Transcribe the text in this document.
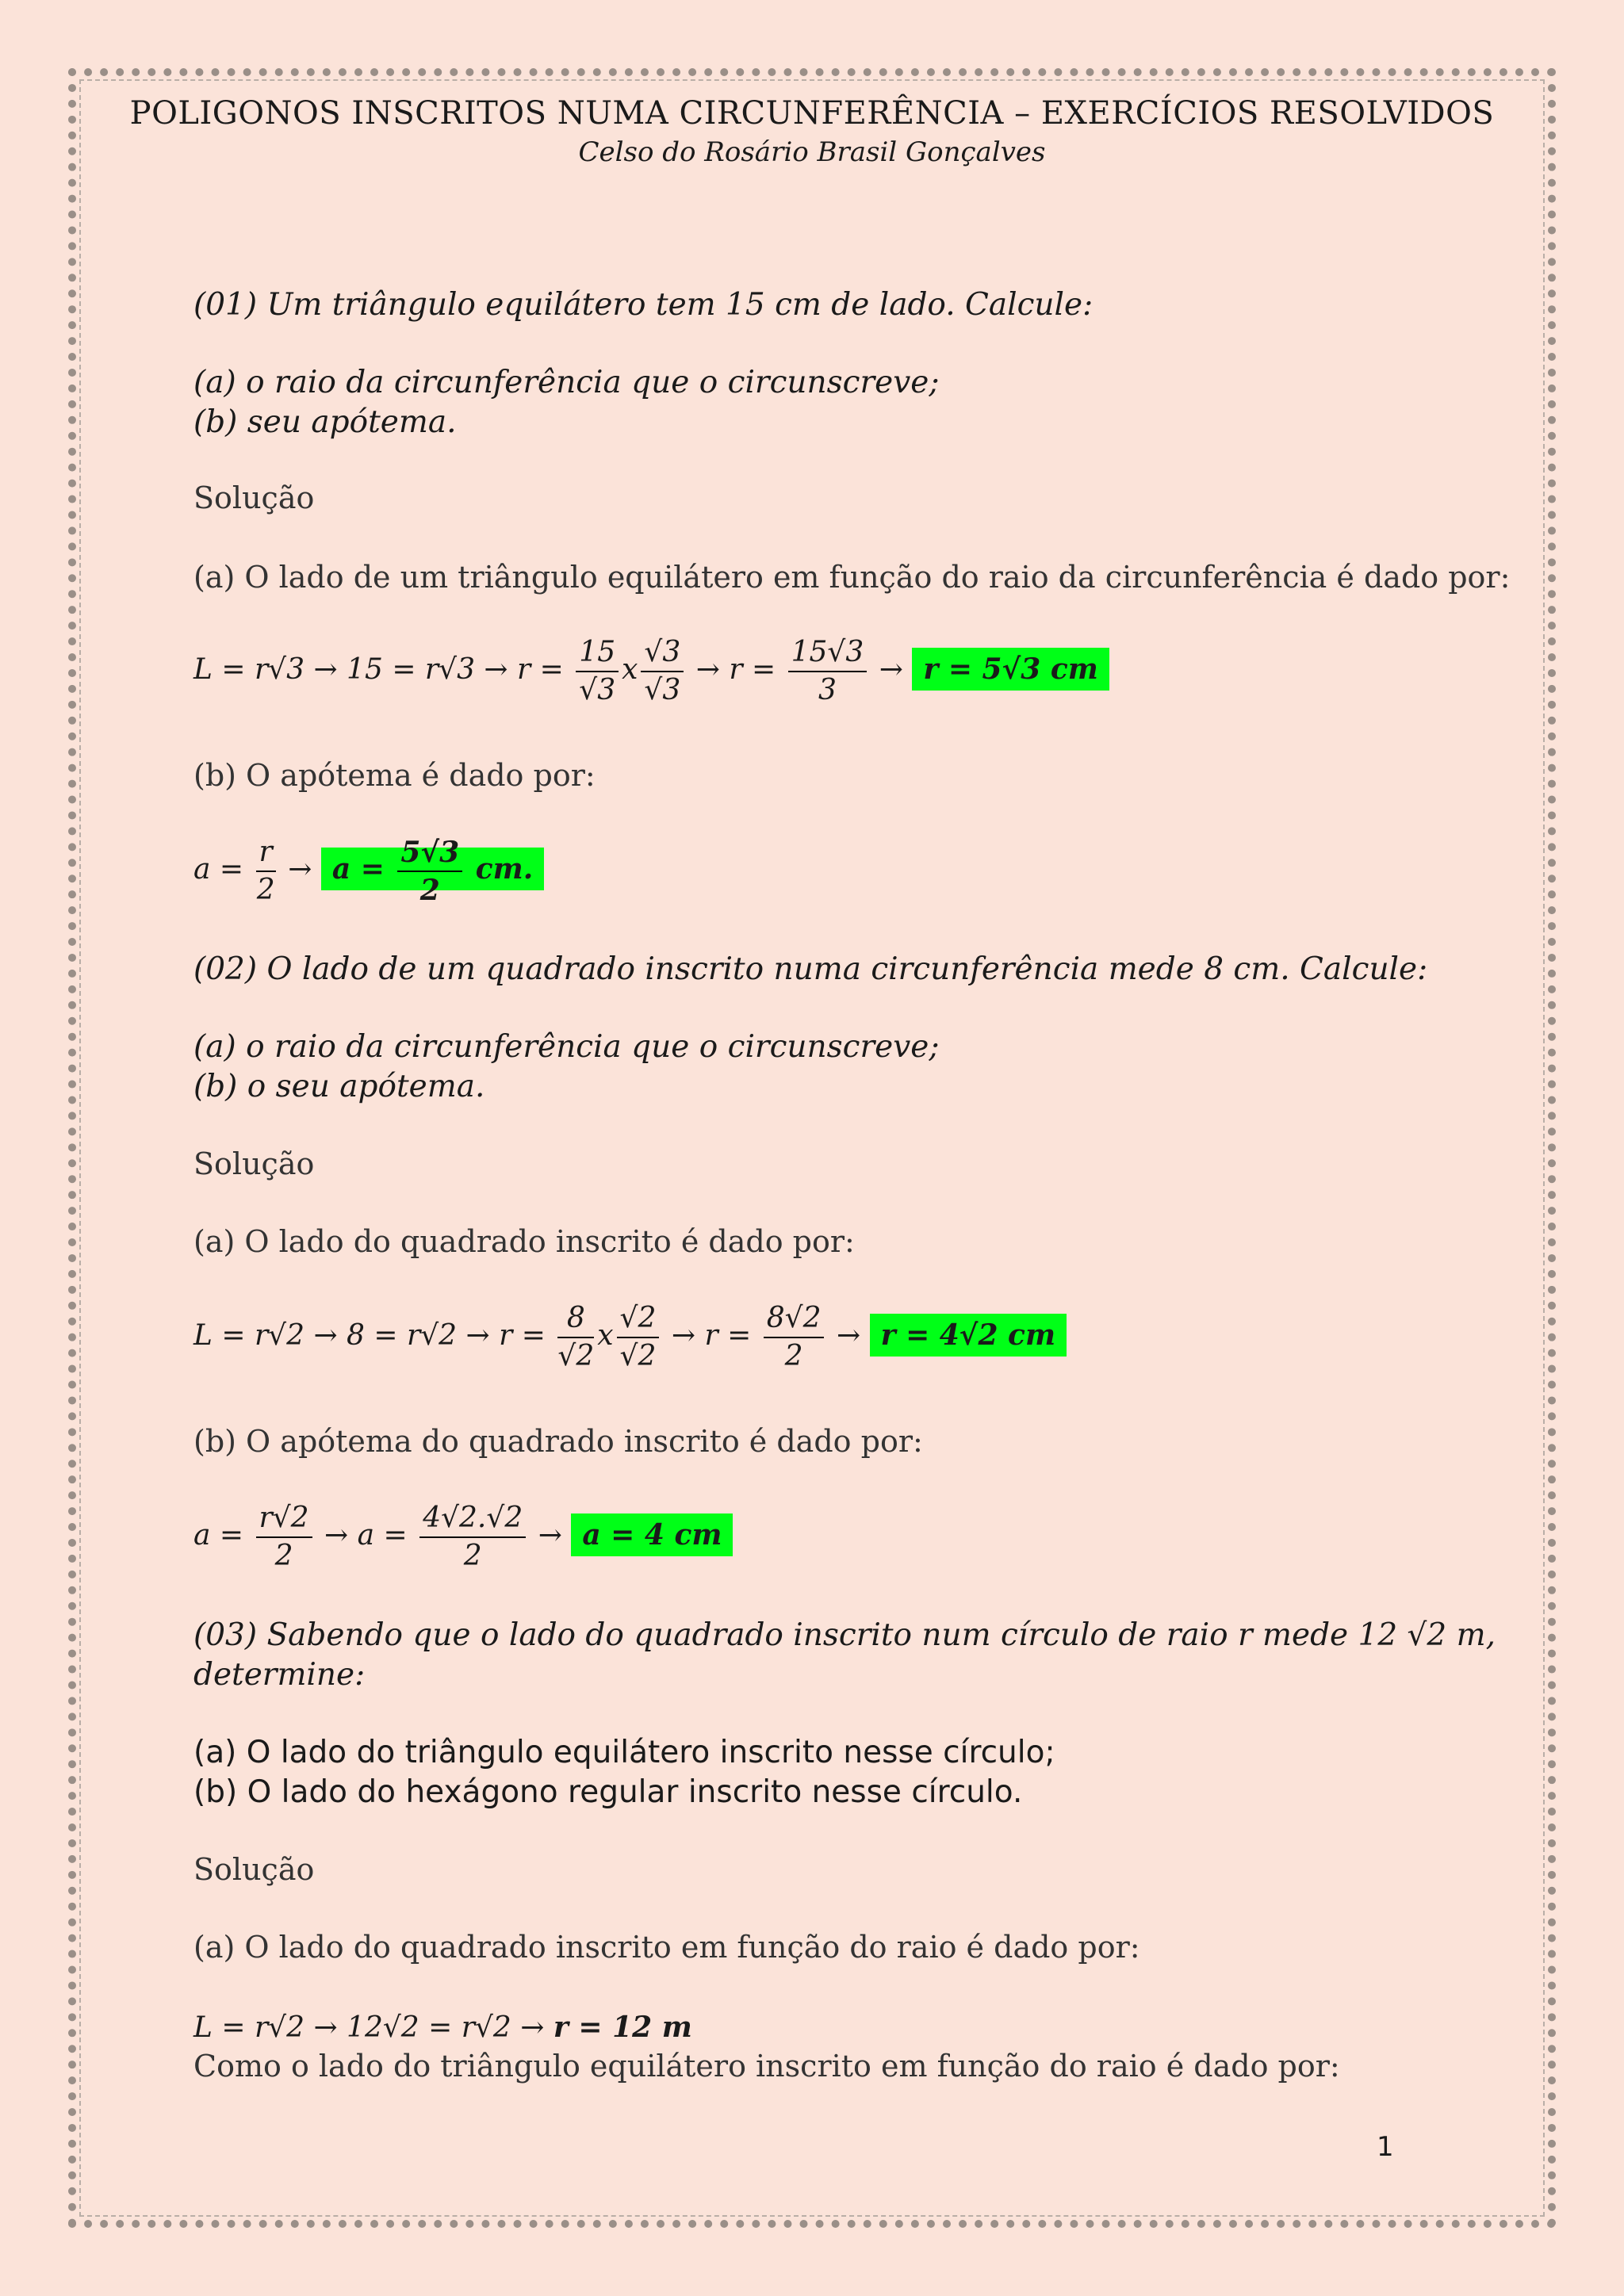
POLIGONOS INSCRITOS NUMA CIRCUNFERÊNCIA – EXERCÍCIOS RESOLVIDOS
Celso do Rosário Brasil Gonçalves
(01) Um triângulo equilátero tem 15 cm de lado. Calcule:
(a) o raio da circunferência que o circunscreve;
(b) seu apótema.
Solução
(a) O lado de um triângulo equilátero em função do raio da circunferência é dado por:
$L = r√3 \to 15 = r√3 \to r = \frac{15}{√3}$ x $\frac{√3}{√3} \to r = \frac{15√3}{3} \to r = 5√3$ cm
(b) O apótema é dado por:
$a = \frac{r}{2} \to a = \frac{5√3}{2}$ cm.
(02) O lado de um quadrado inscrito numa circunferência mede 8 cm. Calcule:
(a) o raio da circunferência que o circunscreve;
(b) o seu apótema.
Solução
(a) O lado do quadrado inscrito é dado por:
$L = r√2 \to 8 = r√2 \to r = \frac{8}{√2}$ x $\frac{√2}{√2} \to r = \frac{8√2}{2} \to r = 4√2$ cm
(b) O apótema do quadrado inscrito é dado por:
$a = \frac{r√2}{2} \to a = \frac{4√2.√2}{2} \to a = 4$ cm
(03) Sabendo que o lado do quadrado inscrito num círculo de raio r mede 12 √2 m,
determine:
(a) O lado do triângulo equilátero inscrito nesse círculo;
(b) O lado do hexágono regular inscrito nesse círculo.
Solução
(a) O lado do quadrado inscrito em função do raio é dado por:
L = r√2 → 12√2 = r√2 → r = 12 m
Como o lado do triângulo equilátero inscrito em função do raio é dado por:
1
